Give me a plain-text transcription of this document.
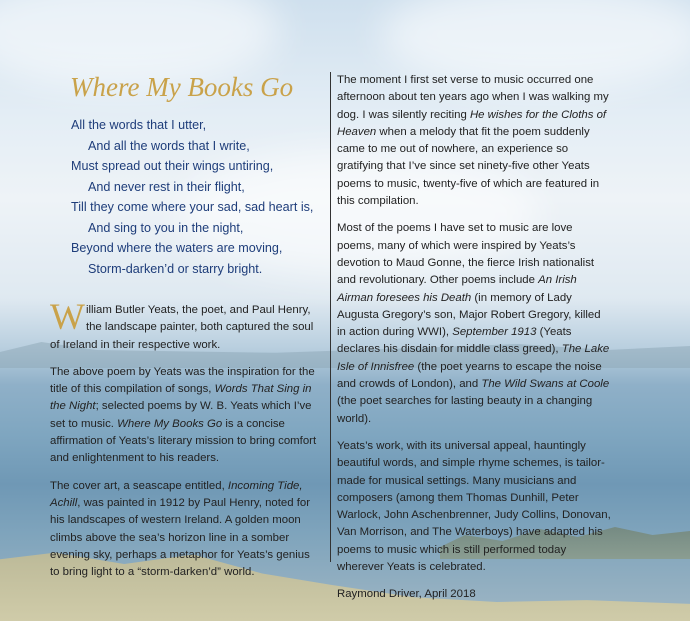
Where My Books Go
All the words that I utter,
And all the words that I write,
Must spread out their wings untiring,
And never rest in their flight,
Till they come where your sad, sad heart is,
And sing to you in the night,
Beyond where the waters are moving,
Storm-darken’d or starry bright.

William Butler Yeats, the poet, and Paul Henry, the landscape painter, both captured the soul of Ireland in their respective work.

The above poem by Yeats was the inspiration for the title of this compilation of songs, Words That Sing in the Night; selected poems by W. B. Yeats which I’ve set to music. Where My Books Go is a concise affirmation of Yeats’s literary mission to bring comfort and enlightenment to his readers.

The cover art, a seascape entitled, Incoming Tide, Achill, was painted in 1912 by Paul Henry, noted for his landscapes of western Ireland. A golden moon climbs above the sea’s horizon line in a somber evening sky, perhaps a metaphor for Yeats’s genius to bring light to a “storm-darken’d” world.

The moment I first set verse to music occurred one afternoon about ten years ago when I was walking my dog. I was silently reciting He wishes for the Cloths of Heaven when a melody that fit the poem suddenly came to me out of nowhere, an experience so gratifying that I’ve since set ninety-five other Yeats poems to music, twenty-five of which are featured in this compilation.

Most of the poems I have set to music are love poems, many of which were inspired by Yeats’s devotion to Maud Gonne, the fierce Irish nationalist and revolutionary. Other poems include An Irish Airman foresees his Death (in memory of Lady Augusta Gregory’s son, Major Robert Gregory, killed in action during WWI), September 1913 (Yeats declares his disdain for middle class greed), The Lake Isle of Innisfree (the poet yearns to escape the noise and crowds of London), and The Wild Swans at Coole (the poet searches for lasting beauty in a changing world).

Yeats’s work, with its universal appeal, hauntingly beautiful words, and simple rhyme schemes, is tailor-made for musical settings. Many musicians and composers (among them Thomas Dunhill, Peter Warlock, John Aschenbrenner, Judy Collins, Donovan, Van Morrison, and The Waterboys) have adapted his poems to music which is still performed today wherever Yeats is celebrated.

Raymond Driver, April 2018
